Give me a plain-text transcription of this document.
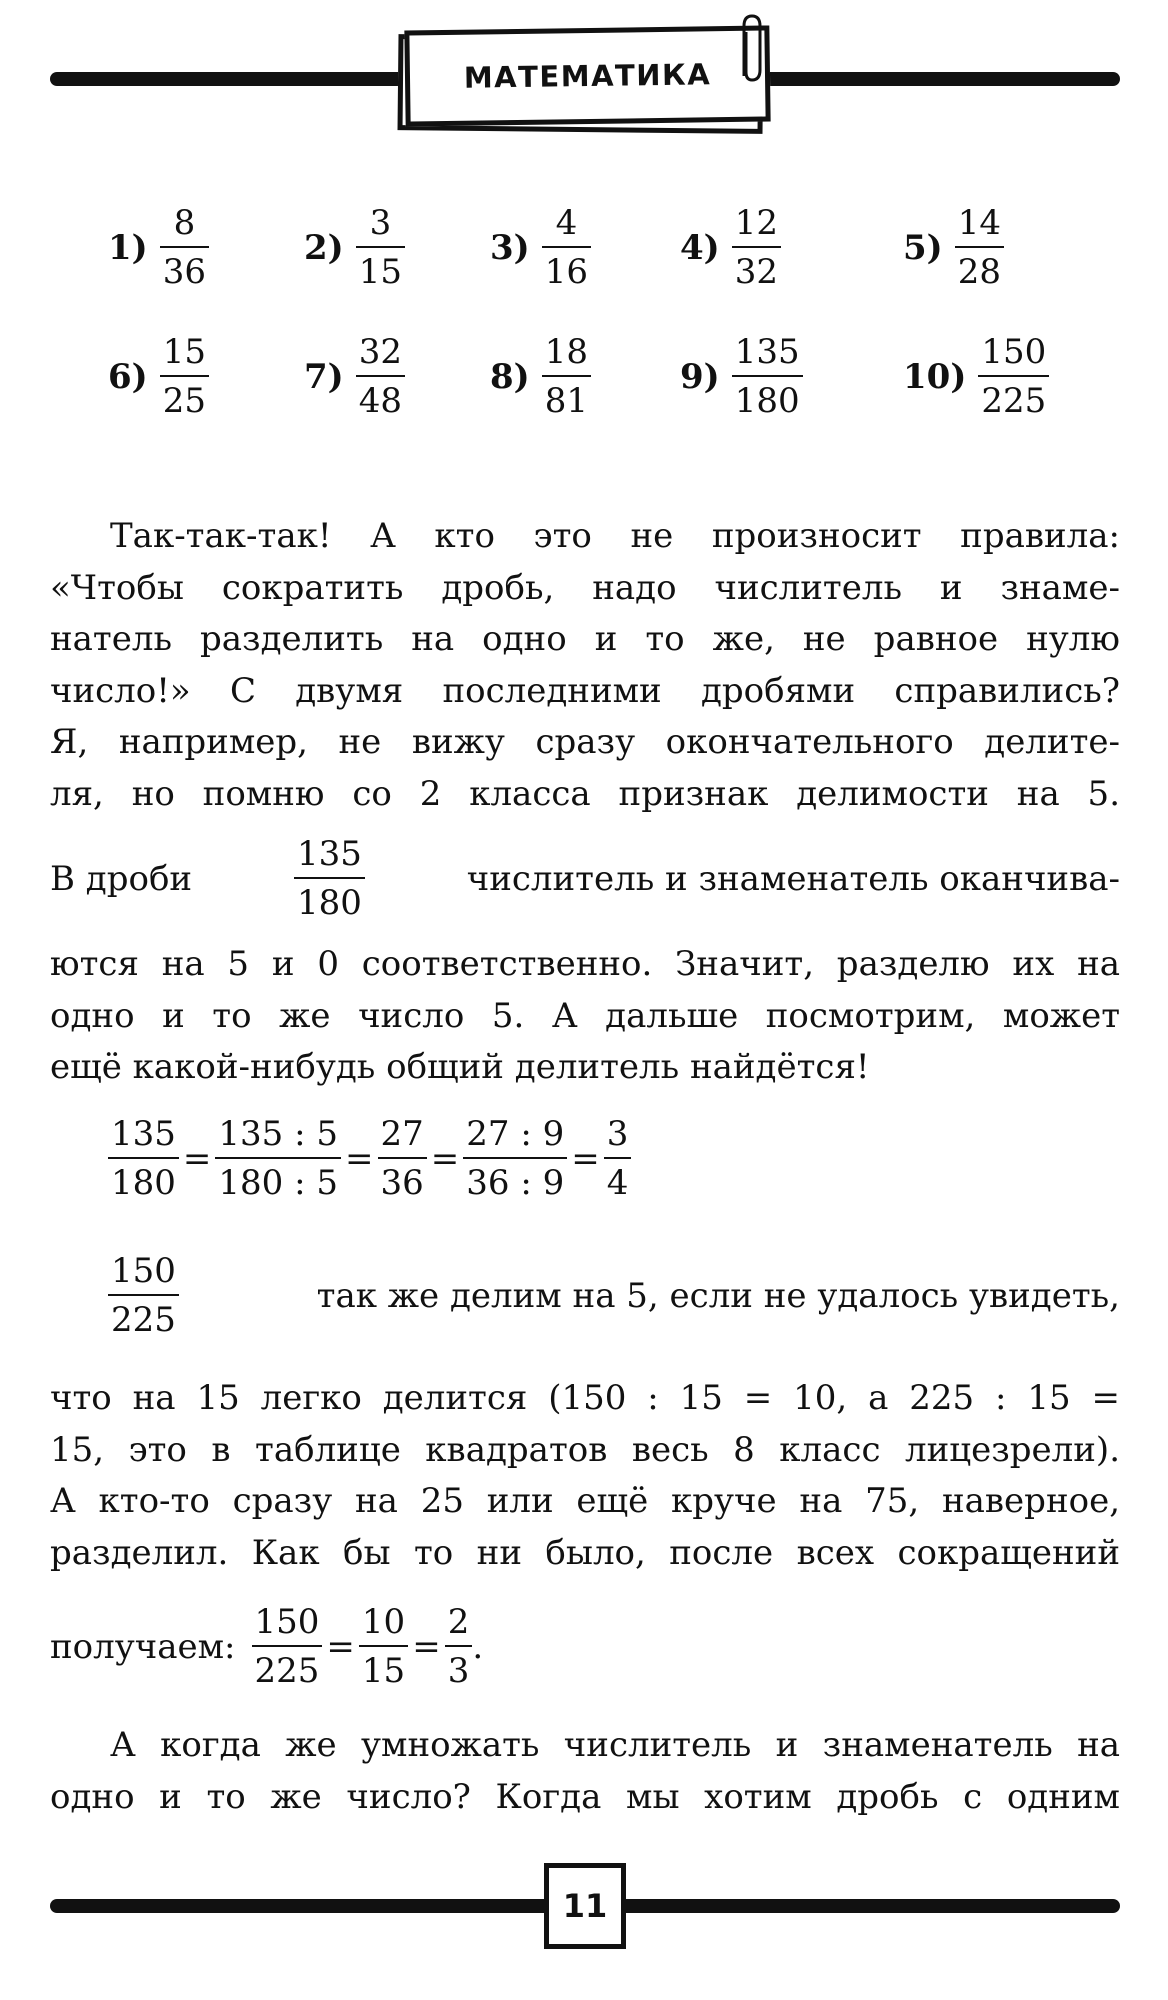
МАТЕМАТИКА
$1) \frac{8}{36}$	$2) \frac{3}{15} 3) \frac{4}{16}$	$4) \frac{12}{32}$	$5) \frac{14}{28}$
$6) \frac{15}{25}$	$7) \frac{32}{48} 8) \frac{18}{81}$	$9) \frac{135}{180}$	$10) \frac{150}{225}$

Так-так-так! А кто это не произносит правила:

«Чтобы сократить дробь, надо числитель и знаме-

натель разделить на одно и то же, не равное нулю

число!» С двумя последними дробями справились?

Я, например, не вижу сразу окончательного делите-

ля, но помню со 2 класса признак делимости на 5.

В дроби	$\frac{135}{180}$	числитель и знаменатель оканчива-

ются на 5 и 0 соответственно. Значит, разделю их на

одно и то же число 5. А дальше посмотрим, может

ещё какой-нибудь общий делитель найдётся!

$\frac{135}{180} = \frac{135 : 5}{180 : 5} = \frac{27}{36} = \frac{27 : 9}{36 : 9} = \frac{3}{4}$
$\frac{150}{225}$	так же делим на 5, если не удалось увидеть,

что на 15 легко делится (150 : 15 = 10, а 225 : 15 =

15, это в таблице квадратов весь 8 класс лицезрели).

А кто-то сразу на 25 или ещё круче на 75, наверное,

разделил. Как бы то ни было, после всех сокращений

получаем: $\frac{150}{225} = \frac{10}{15} = \frac{2}{3}$ .

А когда же умножать числитель и знаменатель на

одно и то же число? Когда мы хотим дробь с одним

11
